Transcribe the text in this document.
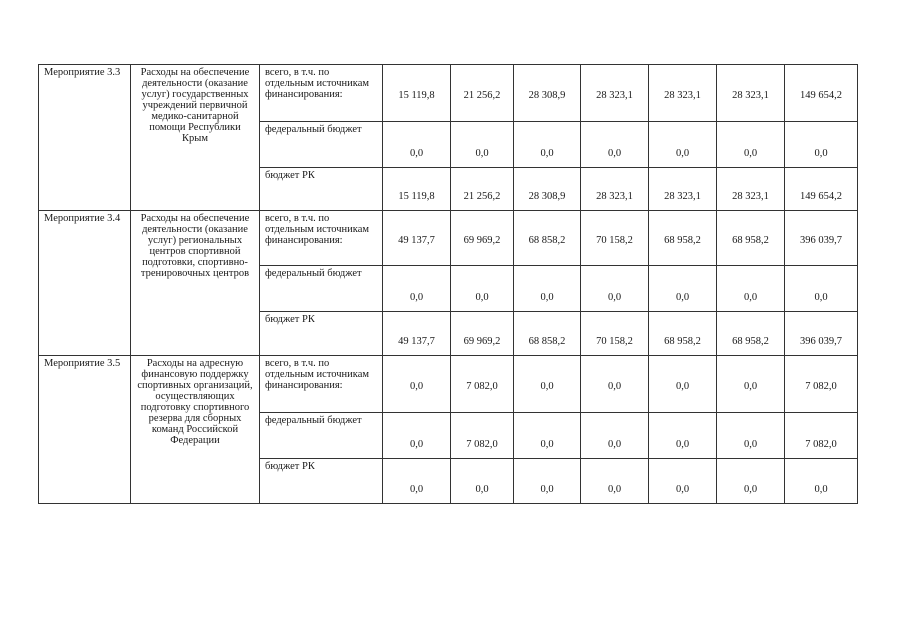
Мероприятие 3.3	Расходы на обеспечение деятельности (оказание услуг) государственных учреждений первичной медико-санитарной помощи Республики Крым	всего, в т.ч. по отдельным источникам финансирования:	15 119,8	21 256,2	28 308,9	28 323,1	28 323,1	28 323,1	149 654,2
		федеральный бюджет	0,0	0,0	0,0	0,0	0,0	0,0	0,0
		бюджет РК	15 119,8	21 256,2	28 308,9	28 323,1	28 323,1	28 323,1	149 654,2
Мероприятие 3.4	Расходы на обеспечение деятельности (оказание услуг) региональных центров спортивной подготовки, спортивно-тренировочных центров	всего, в т.ч. по отдельным источникам финансирования:	49 137,7	69 969,2	68 858,2	70 158,2	68 958,2	68 958,2	396 039,7
		федеральный бюджет	0,0	0,0	0,0	0,0	0,0	0,0	0,0
		бюджет РК	49 137,7	69 969,2	68 858,2	70 158,2	68 958,2	68 958,2	396 039,7
Мероприятие 3.5	Расходы на адресную финансовую поддержку спортивных организаций, осуществляющих подготовку спортивного резерва для сборных команд Российской Федерации	всего, в т.ч. по отдельным источникам финансирования:	0,0	7 082,0	0,0	0,0	0,0	0,0	7 082,0
		федеральный бюджет	0,0	7 082,0	0,0	0,0	0,0	0,0	7 082,0
		бюджет РК	0,0	0,0	0,0	0,0	0,0	0,0	0,0
